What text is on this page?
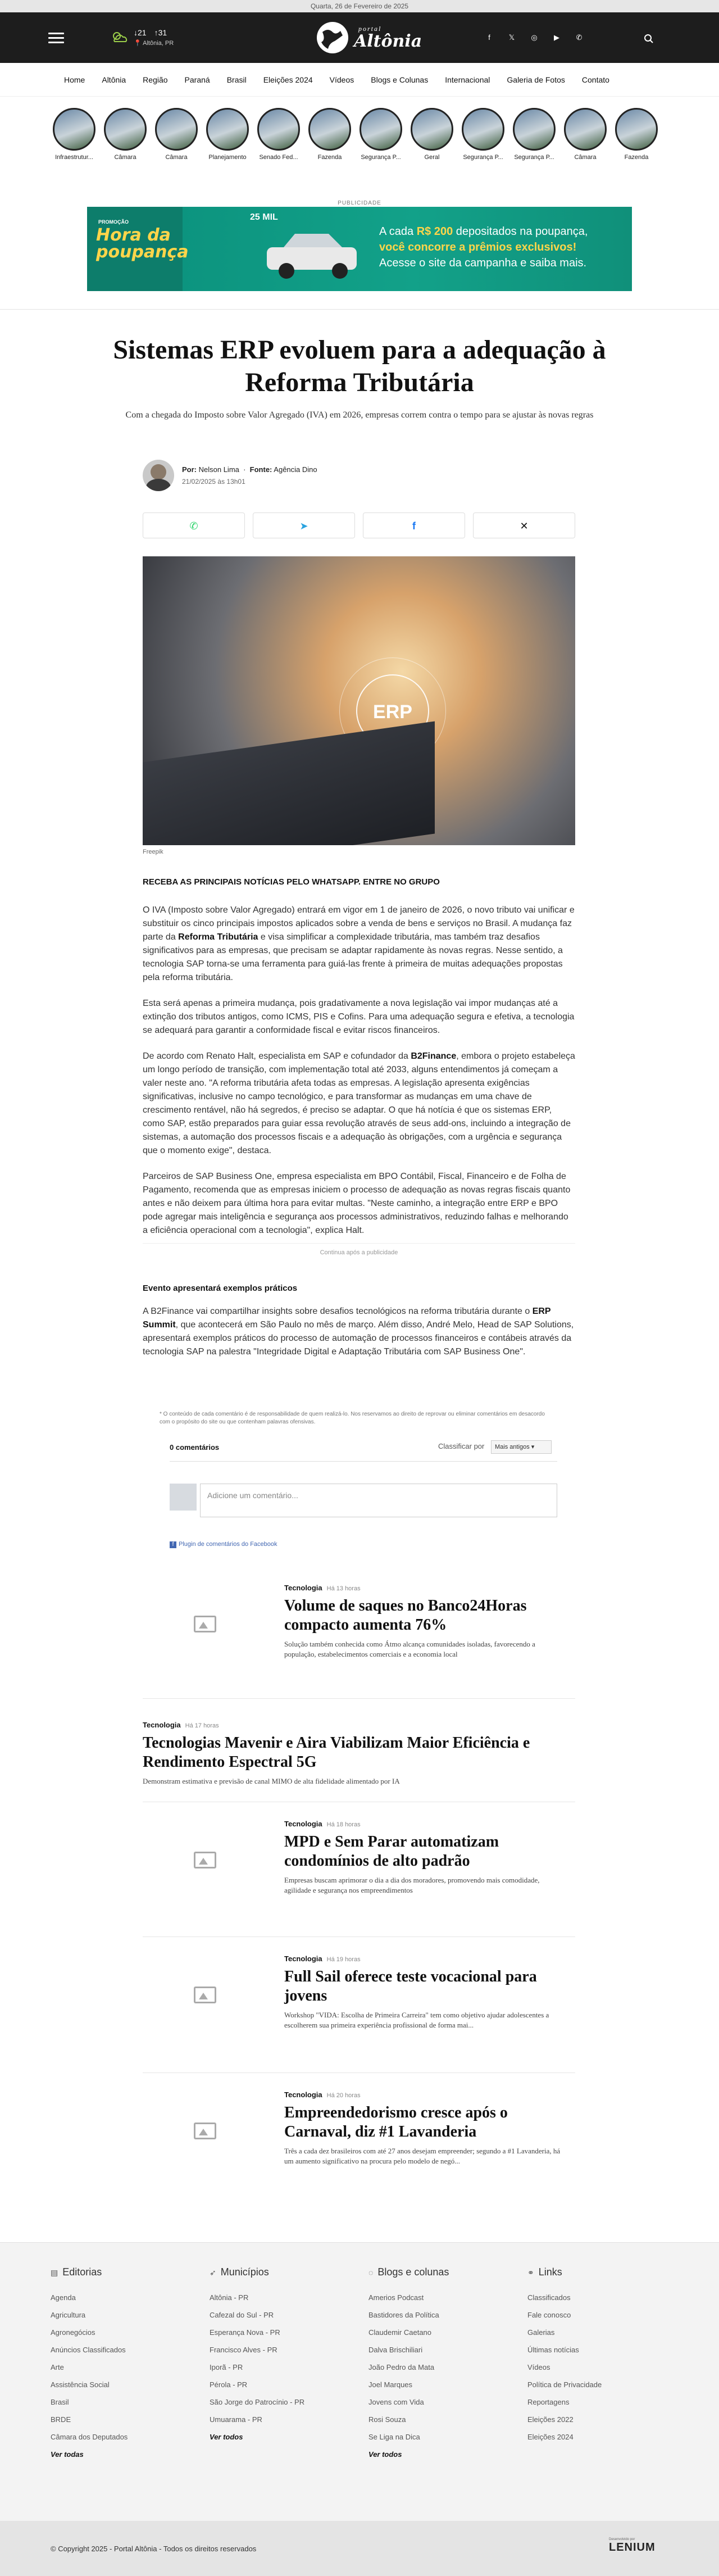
Quarta, 26 de Fevereiro de 2025
↓21 ↑31
📍 Altônia, PR
portal
Altônia	f	𝕏 ◎ ▶ ✆
Home Altônia Região Paraná Brasil Eleições 2024 Vídeos Blogs e Colunas Internacional Galeria de Fotos Contato
Infraestrutur...	Câmara	Câmara	Planejamento	Senado Fed...	Fazenda	Segurança P...	Geral	Segurança P...	Segurança P...	Câmara	Fazenda
PUBLICIDADE
PROMOÇÃO
Hora da poupança
25 MIL
A cada R$ 200 depositados na poupança,
você concorre a prêmios exclusivos!
Acesse o site da campanha e saiba mais.
Sistemas ERP evoluem para a adequação à Reforma Tributária
Com a chegada do Imposto sobre Valor Agregado (IVA) em 2026, empresas correm contra o tempo para se ajustar às novas regras
Por: Nelson Lima  ·  Fonte: Agência Dino
21/02/2025 às 13h01
✆	➤	f	✕
ERP
Freepik
RECEBA AS PRINCIPAIS NOTÍCIAS PELO WHATSAPP. ENTRE NO GRUPO

O IVA (Imposto sobre Valor Agregado) entrará em vigor em 1 de janeiro de 2026, o novo tributo vai unificar e substituir os cinco principais impostos aplicados sobre a venda de bens e serviços no Brasil. A mudança faz parte da Reforma Tributária e visa simplificar a complexidade tributária, mas também traz desafios significativos para as empresas, que precisam se adaptar rapidamente às novas regras. Nesse sentido, a tecnologia SAP torna-se uma ferramenta para guiá-las frente à primeira de muitas adequações propostas pela reforma tributária.

Esta será apenas a primeira mudança, pois gradativamente a nova legislação vai impor mudanças até a extinção dos tributos antigos, como ICMS, PIS e Cofins. Para uma adequação segura e efetiva, a tecnologia se adequará para garantir a conformidade fiscal e evitar riscos financeiros.

De acordo com Renato Halt, especialista em SAP e cofundador da B2Finance, embora o projeto estabeleça um longo período de transição, com implementação total até 2033, alguns entendimentos já começam a valer neste ano. "A reforma tributária afeta todas as empresas. A legislação apresenta exigências significativas, inclusive no campo tecnológico, e para transformar as mudanças em uma chave de crescimento rentável, não há segredos, é preciso se adaptar. O que há notícia é que os sistemas ERP, como SAP, estão preparados para guiar essa revolução através de seus add-ons, incluindo a integração de sistemas, a automação dos processos fiscais e a adequação às obrigações, com a urgência e segurança que o momento exige", destaca.

Parceiros de SAP Business One, empresa especialista em BPO Contábil, Fiscal, Financeiro e de Folha de Pagamento, recomenda que as empresas iniciem o processo de adequação as novas regras fiscais quanto antes e não deixem para última hora para evitar multas. "Neste caminho, a integração entre ERP e BPO pode agregar mais inteligência e segurança aos processos administrativos, reduzindo falhas e melhorando a eficiência operacional com a tecnologia", explica Halt.

Continua após a publicidade
Evento apresentará exemplos práticos

A B2Finance vai compartilhar insights sobre desafios tecnológicos na reforma tributária durante o ERP Summit, que acontecerá em São Paulo no mês de março. Além disso, André Melo, Head de SAP Solutions, apresentará exemplos práticos do processo de automação de processos financeiros e contábeis através da tecnologia SAP na palestra "Integridade Digital e Adaptação Tributária com SAP Business One".

* O conteúdo de cada comentário é de responsabilidade de quem realizá-lo. Nos reservamos ao direito de reprovar ou eliminar comentários em desacordo com o propósito do site ou que contenham palavras ofensivas.
0 comentários	Classificar por	Mais antigos ▾
Adicione um comentário...
f Plugin de comentários do Facebook
Tecnologia Há 13 horas
Volume de saques no Banco24Horas compacto aumenta 76%

Solução também conhecida como Átmo alcança comunidades isoladas, favorecendo a população, estabelecimentos comerciais e a economia local

Tecnologia Há 17 horas
Tecnologias Mavenir e Aira Viabilizam Maior Eficiência e Rendimento Espectral 5G

Demonstram estimativa e previsão de canal MIMO de alta fidelidade alimentado por IA

Tecnologia Há 18 horas
MPD e Sem Parar automatizam condomínios de alto padrão

Empresas buscam aprimorar o dia a dia dos moradores, promovendo mais comodidade, agilidade e segurança nos empreendimentos

Tecnologia Há 19 horas
Full Sail oferece teste vocacional para jovens

Workshop "VIDA: Escolha de Primeira Carreira" tem como objetivo ajudar adolescentes a escolherem sua primeira experiência profissional de forma mai...

Tecnologia Há 20 horas
Empreendedorismo cresce após o Carnaval, diz #1 Lavanderia

Três a cada dez brasileiros com até 27 anos desejam empreender; segundo a #1 Lavanderia, há um aumento significativo na procura pelo modelo de negó...

▤ Editorias
Agenda
Agricultura
Agronegócios
Anúncios Classificados
Arte
Assistência Social
Brasil
BRDE
Câmara dos Deputados
Ver todas
➶ Municípios
Altônia - PR
Cafezal do Sul - PR
Esperança Nova - PR
Francisco Alves - PR
Iporã - PR
Pérola - PR
São Jorge do Patrocínio - PR
Umuarama - PR
Ver todos
◌ Blogs e colunas
Amerios Podcast
Bastidores da Política
Claudemir Caetano
Dalva Brischiliari
João Pedro da Mata
Joel Marques
Jovens com Vida
Rosi Souza
Se Liga na Dica
Ver todos
⚭ Links
Classificados
Fale conosco
Galerias
Últimas notícias
Vídeos
Política de Privacidade
Reportagens
Eleições 2022
Eleições 2024
© Copyright 2025 - Portal Altônia - Todos os direitos reservados
Desenvolvido por
LENIUM
